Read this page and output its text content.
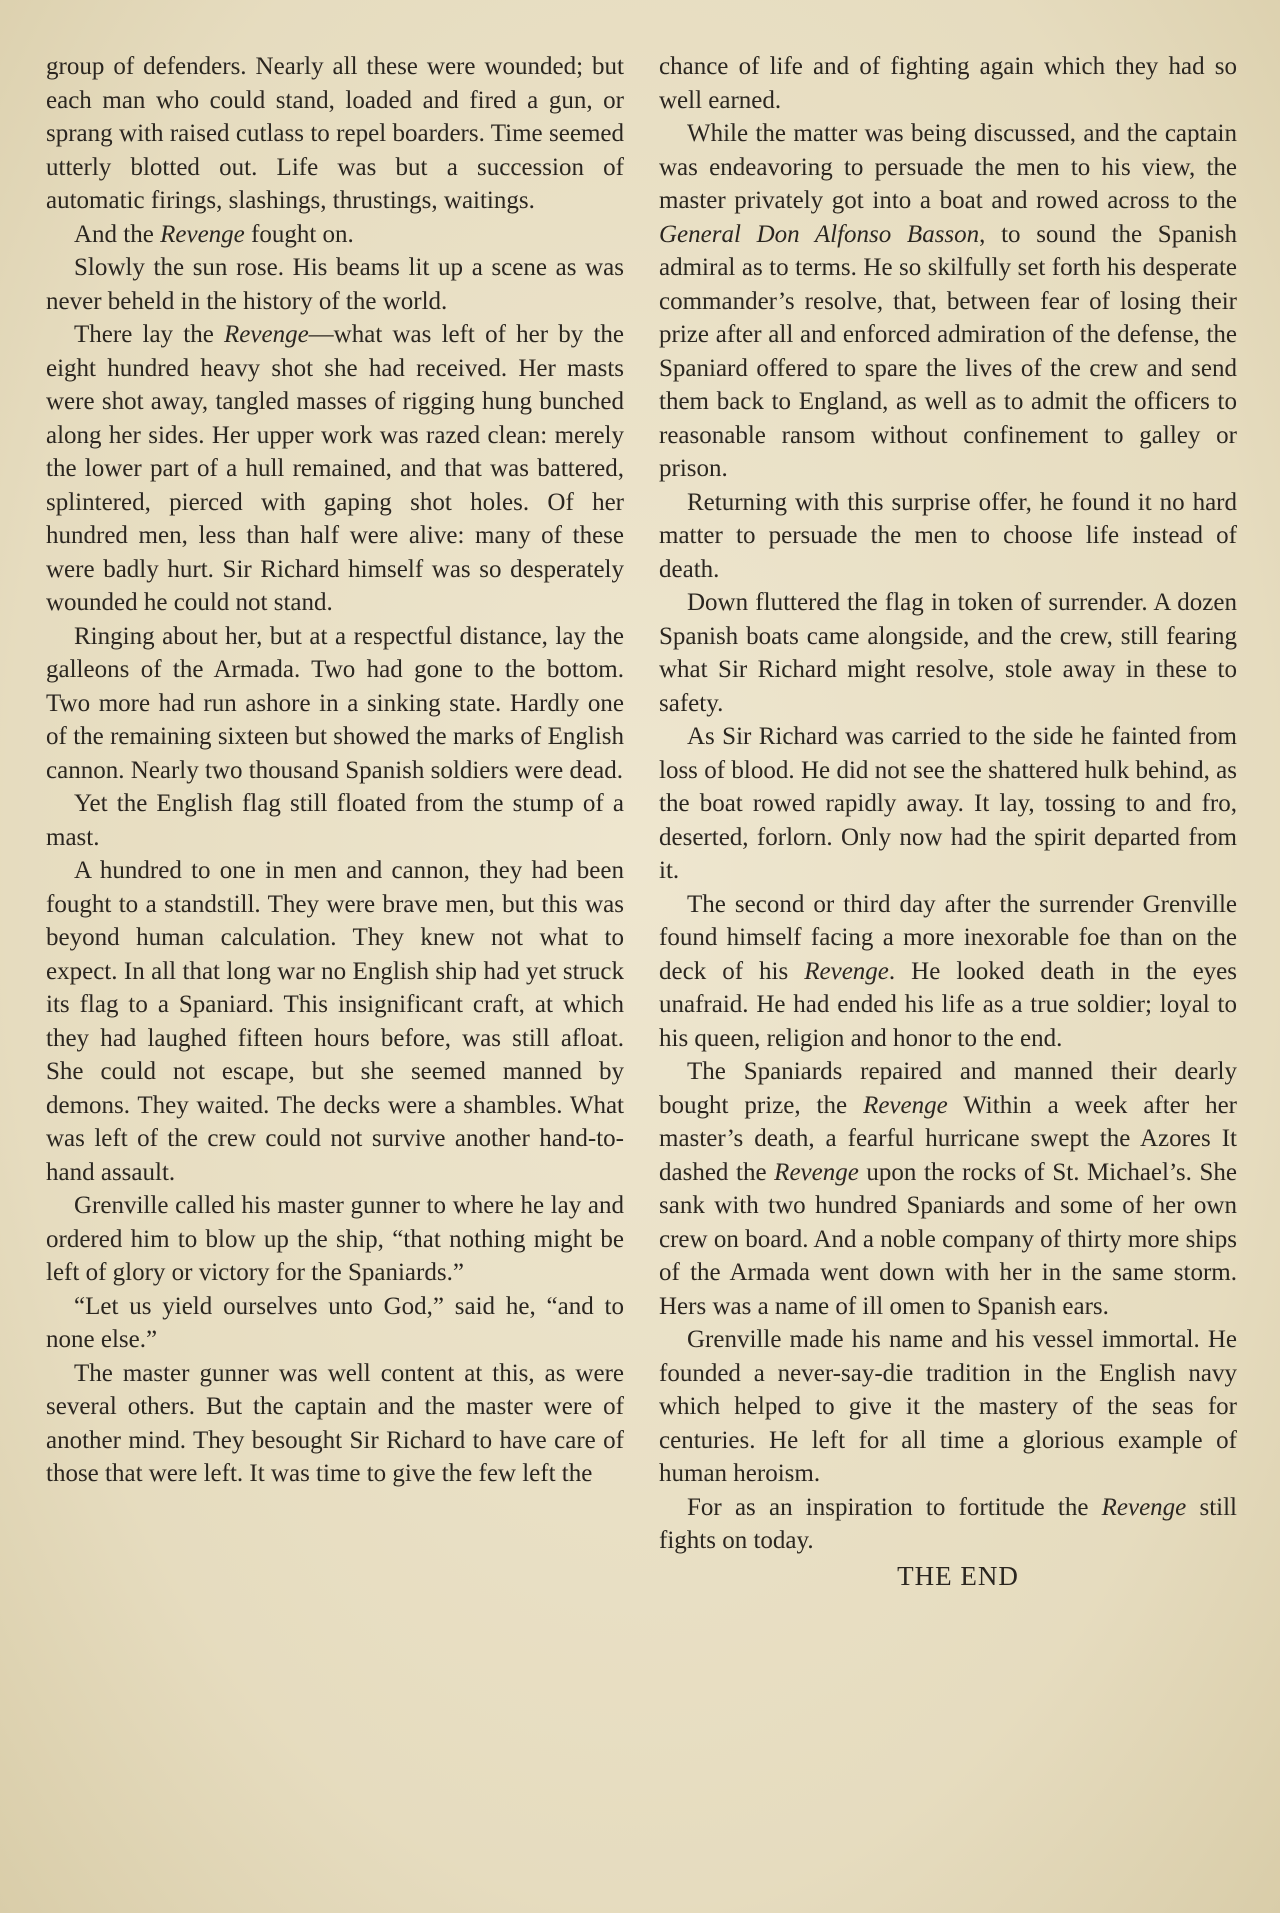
group of defenders. Nearly all these were wounded; but each man who could stand, loaded and fired a gun, or sprang with raised cutlass to repel boarders. Time seemed utterly blotted out. Life was but a succession of automatic firings, slashings, thrustings, waitings.

And the Revenge fought on.

Slowly the sun rose. His beams lit up a scene as was never beheld in the history of the world.

There lay the Revenge—what was left of her by the eight hundred heavy shot she had received. Her masts were shot away, tangled masses of rigging hung bunched along her sides. Her upper work was razed clean: merely the lower part of a hull remained, and that was battered, splintered, pierced with gaping shot holes. Of her hundred men, less than half were alive: many of these were badly hurt. Sir Richard himself was so desperately wounded he could not stand.

Ringing about her, but at a respectful distance, lay the galleons of the Armada. Two had gone to the bottom. Two more had run ashore in a sinking state. Hardly one of the remaining sixteen but showed the marks of English cannon. Nearly two thousand Spanish soldiers were dead.

Yet the English flag still floated from the stump of a mast.

A hundred to one in men and cannon, they had been fought to a standstill. They were brave men, but this was beyond human calculation. They knew not what to expect. In all that long war no English ship had yet struck its flag to a Spaniard. This insignificant craft, at which they had laughed fifteen hours before, was still afloat. She could not escape, but she seemed manned by demons. They waited. The decks were a shambles. What was left of the crew could not survive another hand-to-hand assault.

Grenville called his master gunner to where he lay and ordered him to blow up the ship, “that nothing might be left of glory or victory for the Spaniards.”

“Let us yield ourselves unto God,” said he, “and to none else.”

The master gunner was well content at this, as were several others. But the captain and the master were of another mind. They besought Sir Richard to have care of those that were left. It was time to give the few left the

chance of life and of fighting again which they had so well earned.

While the matter was being discussed, and the captain was endeavoring to persuade the men to his view, the master privately got into a boat and rowed across to the General Don Alfonso Basson, to sound the Spanish admiral as to terms. He so skilfully set forth his desperate commander’s resolve, that, between fear of losing their prize after all and enforced admiration of the defense, the Spaniard offered to spare the lives of the crew and send them back to England, as well as to admit the officers to reasonable ransom without confinement to galley or prison.

Returning with this surprise offer, he found it no hard matter to persuade the men to choose life instead of death.

Down fluttered the flag in token of surrender. A dozen Spanish boats came alongside, and the crew, still fearing what Sir Richard might resolve, stole away in these to safety.

As Sir Richard was carried to the side he fainted from loss of blood. He did not see the shattered hulk behind, as the boat rowed rapidly away. It lay, tossing to and fro, deserted, forlorn. Only now had the spirit departed from it.

The second or third day after the surrender Grenville found himself facing a more inexorable foe than on the deck of his Revenge. He looked death in the eyes unafraid. He had ended his life as a true soldier; loyal to his queen, religion and honor to the end.

The Spaniards repaired and manned their dearly bought prize, the Revenge Within a week after her master’s death, a fearful hurricane swept the Azores It dashed the Revenge upon the rocks of St. Michael’s. She sank with two hundred Spaniards and some of her own crew on board. And a noble company of thirty more ships of the Armada went down with her in the same storm. Hers was a name of ill omen to Spanish ears.

Grenville made his name and his vessel immortal. He founded a never-say-die tradition in the English navy which helped to give it the mastery of the seas for centuries. He left for all time a glorious example of human heroism.

For as an inspiration to fortitude the Revenge still fights on today.

THE END
